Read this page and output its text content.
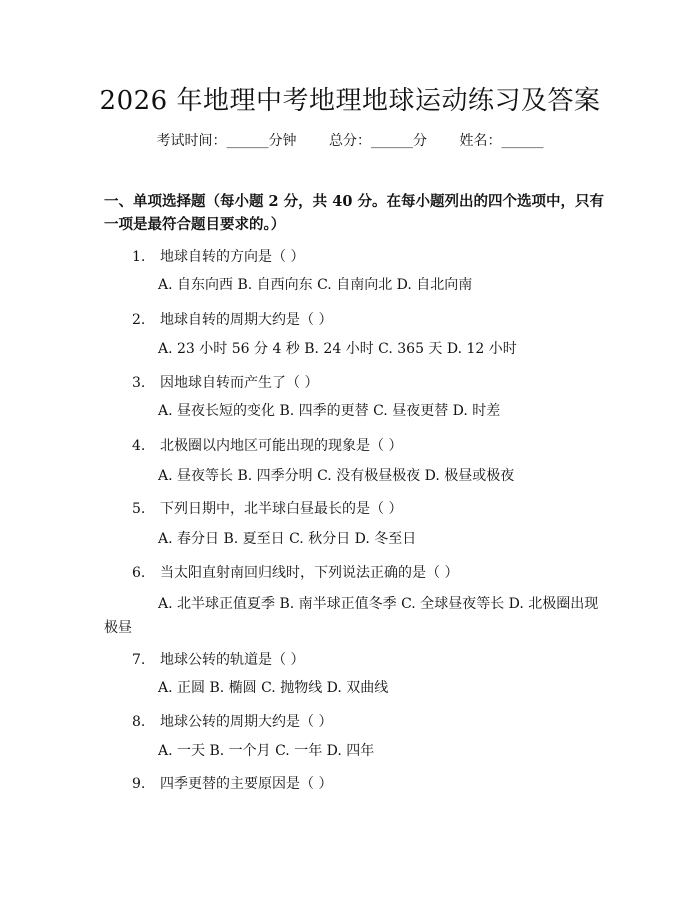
2026 年地理中考地理地球运动练习及答案
考试时间：______分钟 总分：______分 姓名：______
一、单项选择题（每小题 2 分，共 40 分。在每小题列出的四个选项中，只有一项是最符合题目要求的。）
1. 地球自转的方向是（ ）
A. 自东向西 B. 自西向东 C. 自南向北 D. 自北向南
2. 地球自转的周期大约是（ ）
A. 23 小时 56 分 4 秒 B. 24 小时 C. 365 天 D. 12 小时
3. 因地球自转而产生了（ ）
A. 昼夜长短的变化 B. 四季的更替 C. 昼夜更替 D. 时差
4. 北极圈以内地区可能出现的现象是（ ）
A. 昼夜等长 B. 四季分明 C. 没有极昼极夜 D. 极昼或极夜
5. 下列日期中，北半球白昼最长的是（ ）
A. 春分日 B. 夏至日 C. 秋分日 D. 冬至日
6. 当太阳直射南回归线时，下列说法正确的是（ ）
A. 北半球正值夏季 B. 南半球正值冬季 C. 全球昼夜等长 D. 北极圈出现极昼
7. 地球公转的轨道是（ ）
A. 正圆 B. 椭圆 C. 抛物线 D. 双曲线
8. 地球公转的周期大约是（ ）
A. 一天 B. 一个月 C. 一年 D. 四年
9. 四季更替的主要原因是（ ）
